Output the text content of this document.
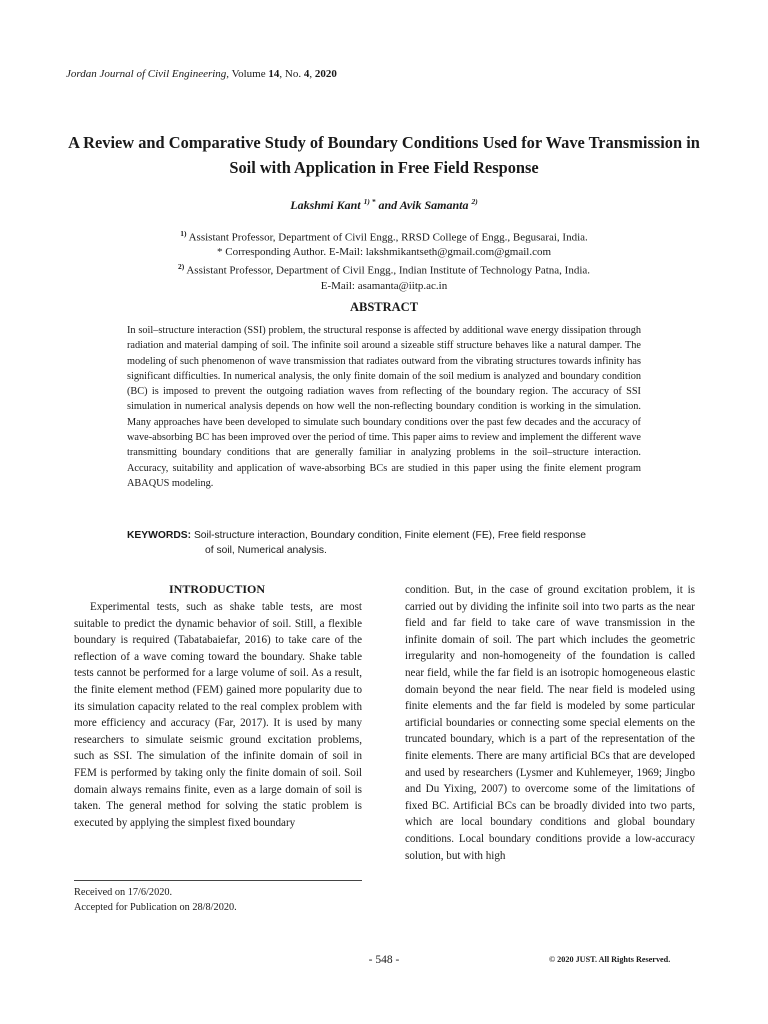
Jordan Journal of Civil Engineering, Volume 14, No. 4, 2020
A Review and Comparative Study of Boundary Conditions Used for Wave Transmission in Soil with Application in Free Field Response
Lakshmi Kant $^{1) *}$ and Avik Samanta $^{2)}$
$^{1)}$ Assistant Professor, Department of Civil Engg., RRSD College of Engg., Begusarai, India.
* Corresponding Author. E-Mail: lakshmikantseth@gmail.com@gmail.com
$^{2)}$ Assistant Professor, Department of Civil Engg., Indian Institute of Technology Patna, India.
E-Mail: asamanta@iitp.ac.in
ABSTRACT
In soil–structure interaction (SSI) problem, the structural response is affected by additional wave energy dissipation through radiation and material damping of soil. The infinite soil around a sizeable stiff structure behaves like a natural damper. The modeling of such phenomenon of wave transmission that radiates outward from the vibrating structures towards infinity has significant difficulties. In numerical analysis, the only finite domain of the soil medium is analyzed and boundary condition (BC) is imposed to prevent the outgoing radiation waves from reflecting of the boundary region. The accuracy of SSI simulation in numerical analysis depends on how well the non-reflecting boundary condition is working in the simulation. Many approaches have been developed to simulate such boundary conditions over the past few decades and the accuracy of wave-absorbing BC has been improved over the period of time. This paper aims to review and implement the different wave transmitting boundary conditions that are generally familiar in analyzing problems in the soil–structure interaction. Accuracy, suitability and application of wave-absorbing BCs are studied in this paper using the finite element program ABAQUS modeling.
KEYWORDS: Soil-structure interaction, Boundary condition, Finite element (FE), Free field response
of soil, Numerical analysis.
INTRODUCTION
Experimental tests, such as shake table tests, are most suitable to predict the dynamic behavior of soil. Still, a flexible boundary is required (Tabatabaiefar, 2016) to take care of the reflection of a wave coming toward the boundary. Shake table tests cannot be performed for a large volume of soil. As a result, the finite element method (FEM) gained more popularity due to its simulation capacity related to the real complex problem with more efficiency and accuracy (Far, 2017). It is used by many researchers to simulate seismic ground excitation problems, such as SSI. The simulation of the infinite domain of soil in FEM is performed by taking only the finite domain of soil. Soil domain always remains finite, even as a large domain of soil is taken. The general method for solving the static problem is executed by applying the simplest fixed boundary
condition. But, in the case of ground excitation problem, it is carried out by dividing the infinite soil into two parts as the near field and far field to take care of wave transmission in the infinite domain of soil. The part which includes the geometric irregularity and non-homogeneity of the foundation is called near field, while the far field is an isotropic homogeneous elastic domain beyond the near field. The near field is modeled using finite elements and the far field is modeled by some particular artificial boundaries or connecting some special elements on the truncated boundary, which is a part of the representation of the finite elements. There are many artificial BCs that are developed and used by researchers (Lysmer and Kuhlemeyer, 1969; Jingbo and Du Yixing, 2007) to overcome some of the limitations of fixed BC. Artificial BCs can be broadly divided into two parts, which are local boundary conditions and global boundary conditions. Local boundary conditions provide a low-accuracy solution, but with high
Received on 17/6/2020.
Accepted for Publication on 28/8/2020.
- 548 -	© 2020 JUST. All Rights Reserved.
